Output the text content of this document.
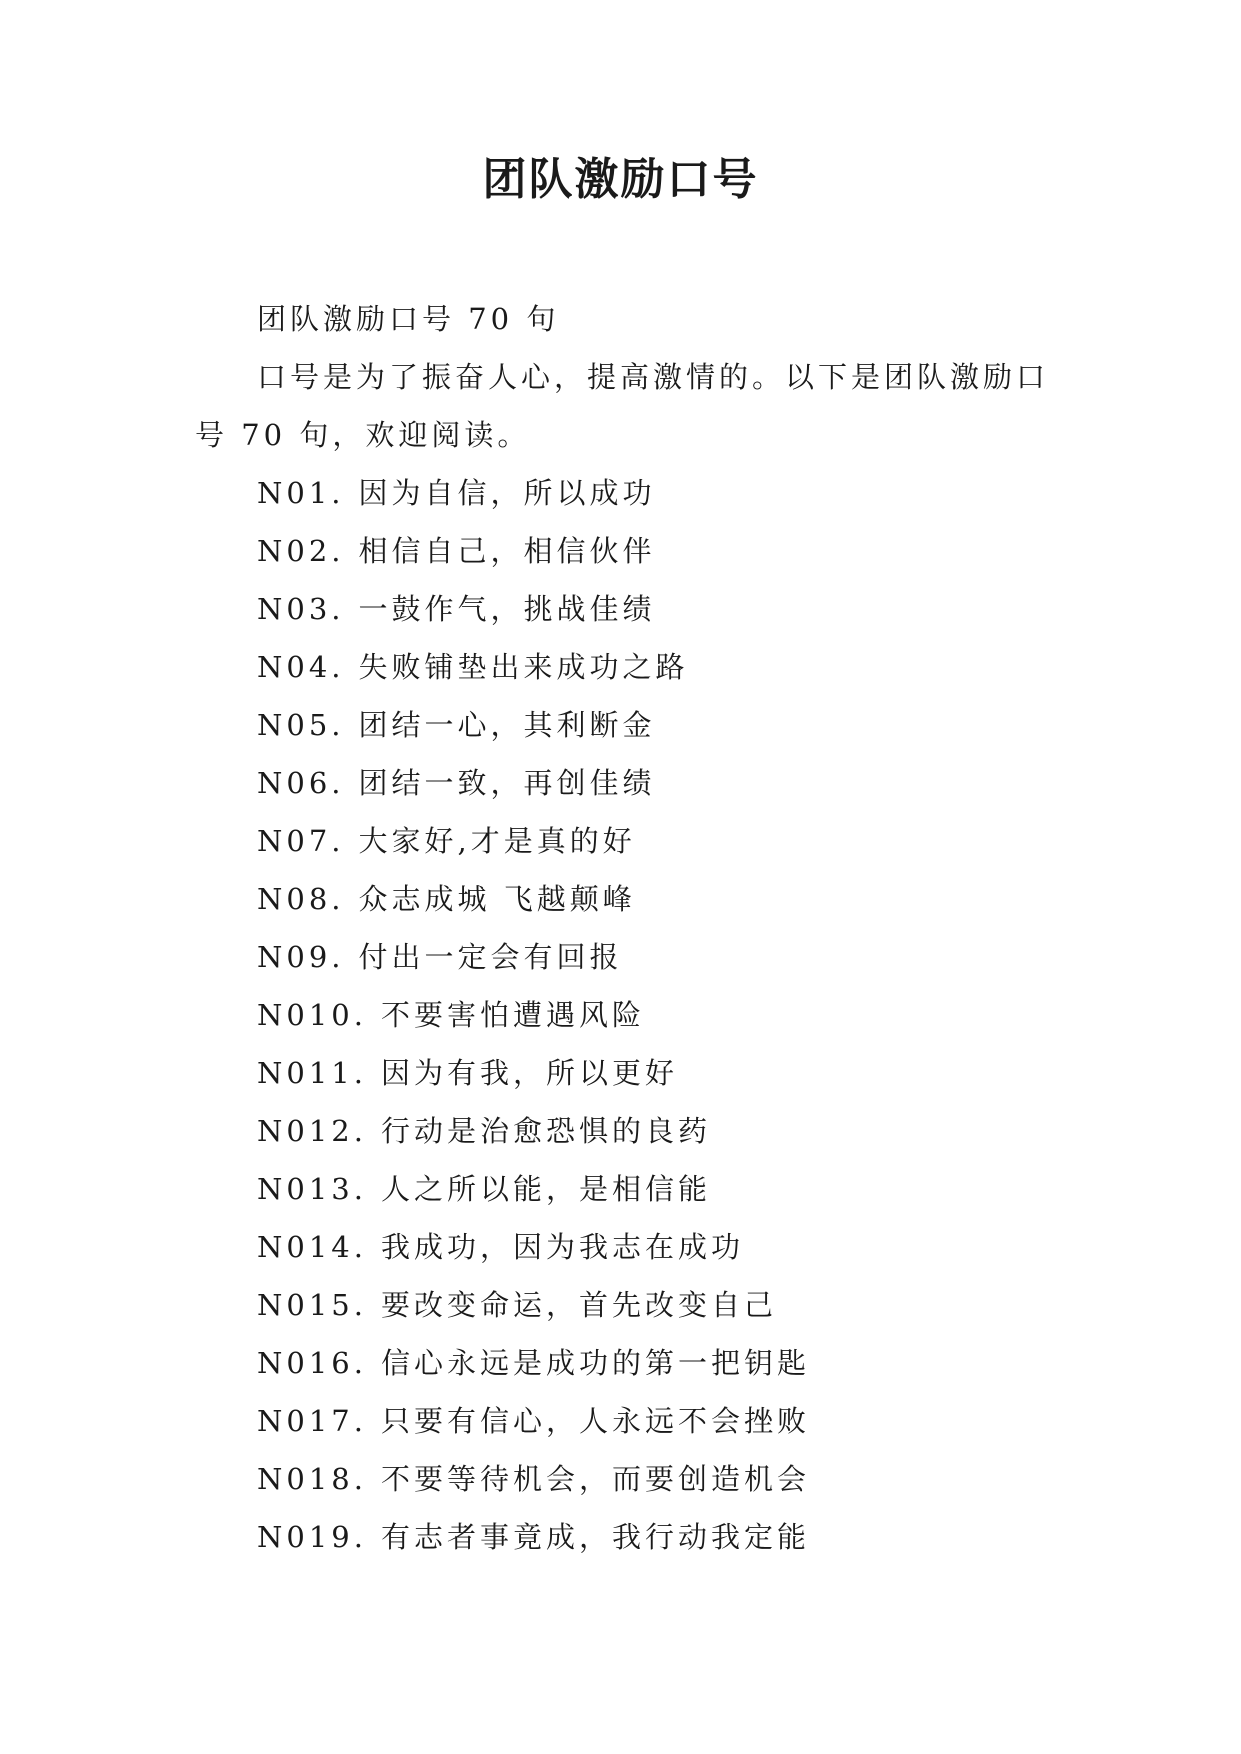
团队激励口号

团队激励口号 70 句

口号是为了振奋人心，提高激情的。以下是团队激励口号 70 句，欢迎阅读。

N01. 因为自信，所以成功
N02. 相信自己，相信伙伴
N03. 一鼓作气，挑战佳绩
N04. 失败铺垫出来成功之路
N05. 团结一心，其利断金
N06. 团结一致，再创佳绩
N07. 大家好,才是真的好
N08. 众志成城 飞越颠峰
N09. 付出一定会有回报
N010. 不要害怕遭遇风险
N011. 因为有我，所以更好
N012. 行动是治愈恐惧的良药
N013. 人之所以能，是相信能
N014. 我成功，因为我志在成功
N015. 要改变命运，首先改变自己
N016. 信心永远是成功的第一把钥匙
N017. 只要有信心，人永远不会挫败
N018. 不要等待机会，而要创造机会
N019. 有志者事竟成，我行动我定能
